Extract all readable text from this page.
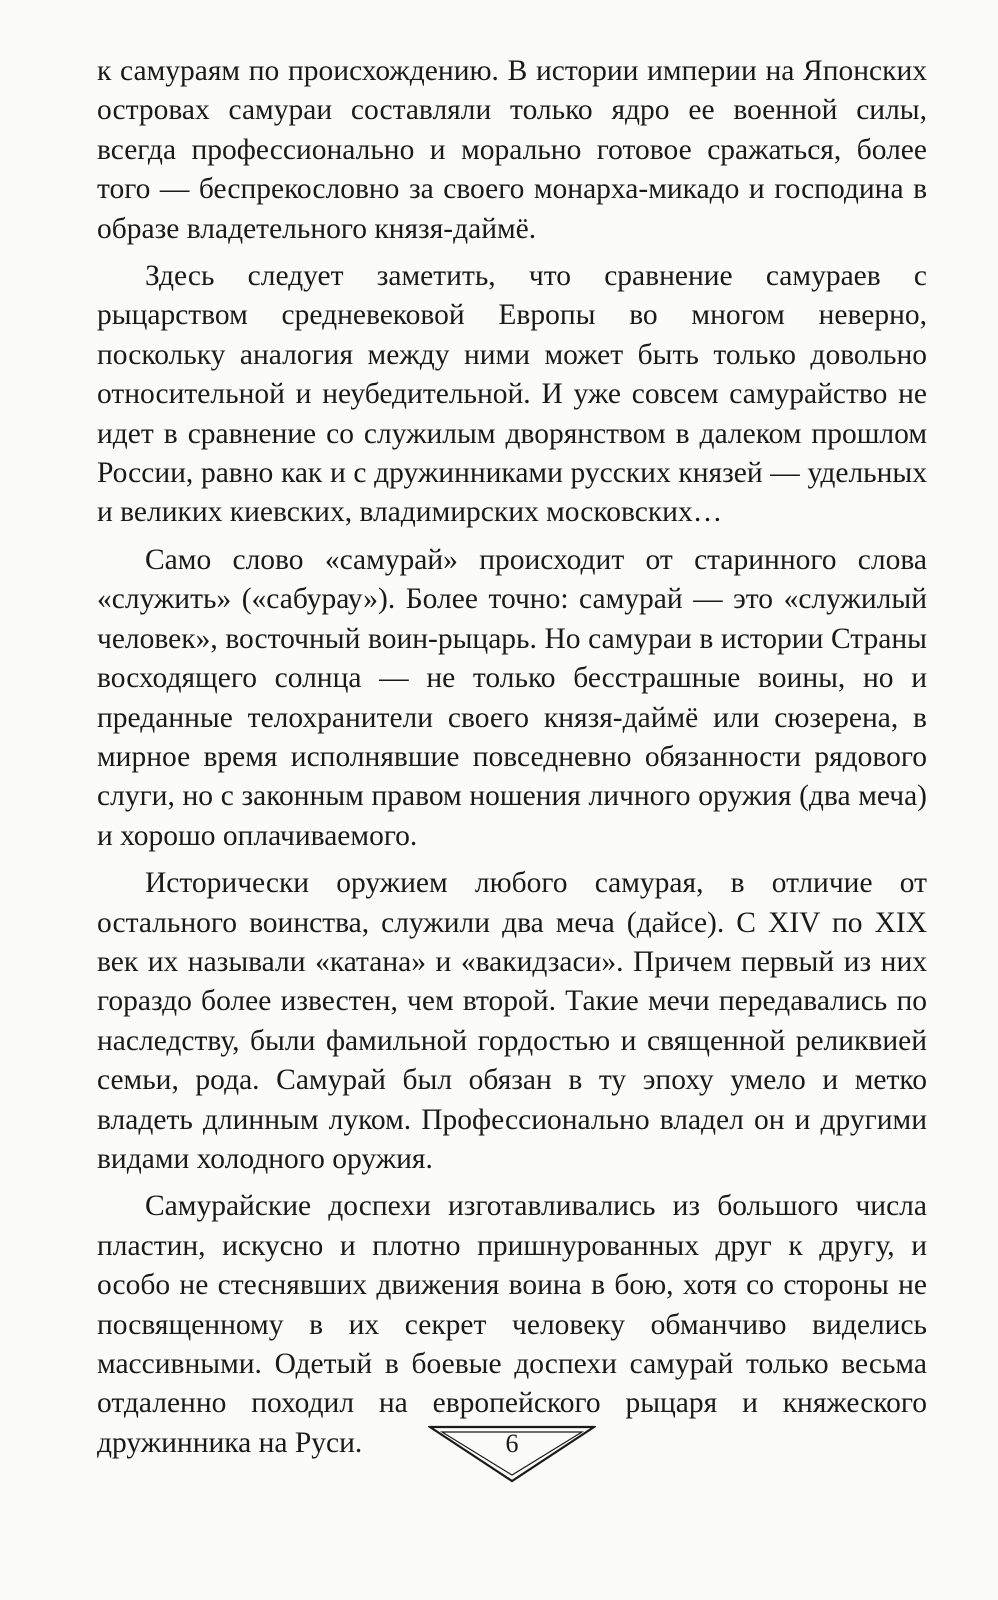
к самураям по происхождению. В истории империи на Японских островах самураи составляли только ядро ее военной силы, всегда профессионально и морально готовое сражаться, более того — беспрекословно за своего монарха-микадо и господина в образе владетельного князя-даймё.

Здесь следует заметить, что сравнение самураев с рыцарством средневековой Европы во многом неверно, поскольку аналогия между ними может быть только довольно относительной и неубедительной. И уже совсем самурайство не идет в сравнение со служилым дворянством в далеком прошлом России, равно как и с дружинниками русских князей — удельных и великих киевских, владимирских московских…

Само слово «самурай» происходит от старинного слова «служить» («сабурау»). Более точно: самурай — это «служилый человек», восточный воин-рыцарь. Но самураи в истории Страны восходящего солнца — не только бесстрашные воины, но и преданные телохранители своего князя-даймё или сюзерена, в мирное время исполнявшие повседневно обязанности рядового слуги, но с законным правом ношения личного оружия (два меча) и хорошо оплачиваемого.

Исторически оружием любого самурая, в отличие от остального воинства, служили два меча (дайсе). С XIV по XIX век их называли «катана» и «вакидзаси». Причем первый из них гораздо более известен, чем второй. Такие мечи передавались по наследству, были фамильной гордостью и священной реликвией семьи, рода. Самурай был обязан в ту эпоху умело и метко владеть длинным луком. Профессионально владел он и другими видами холодного оружия.

Самурайские доспехи изготавливались из большого числа пластин, искусно и плотно пришнурованных друг к другу, и особо не стеснявших движения воина в бою, хотя со стороны не посвященному в их секрет человеку обманчиво виделись массивными. Одетый в боевые доспехи самурай только весьма отдаленно походил на европейского рыцаря и княжеского дружинника на Руси.	6
